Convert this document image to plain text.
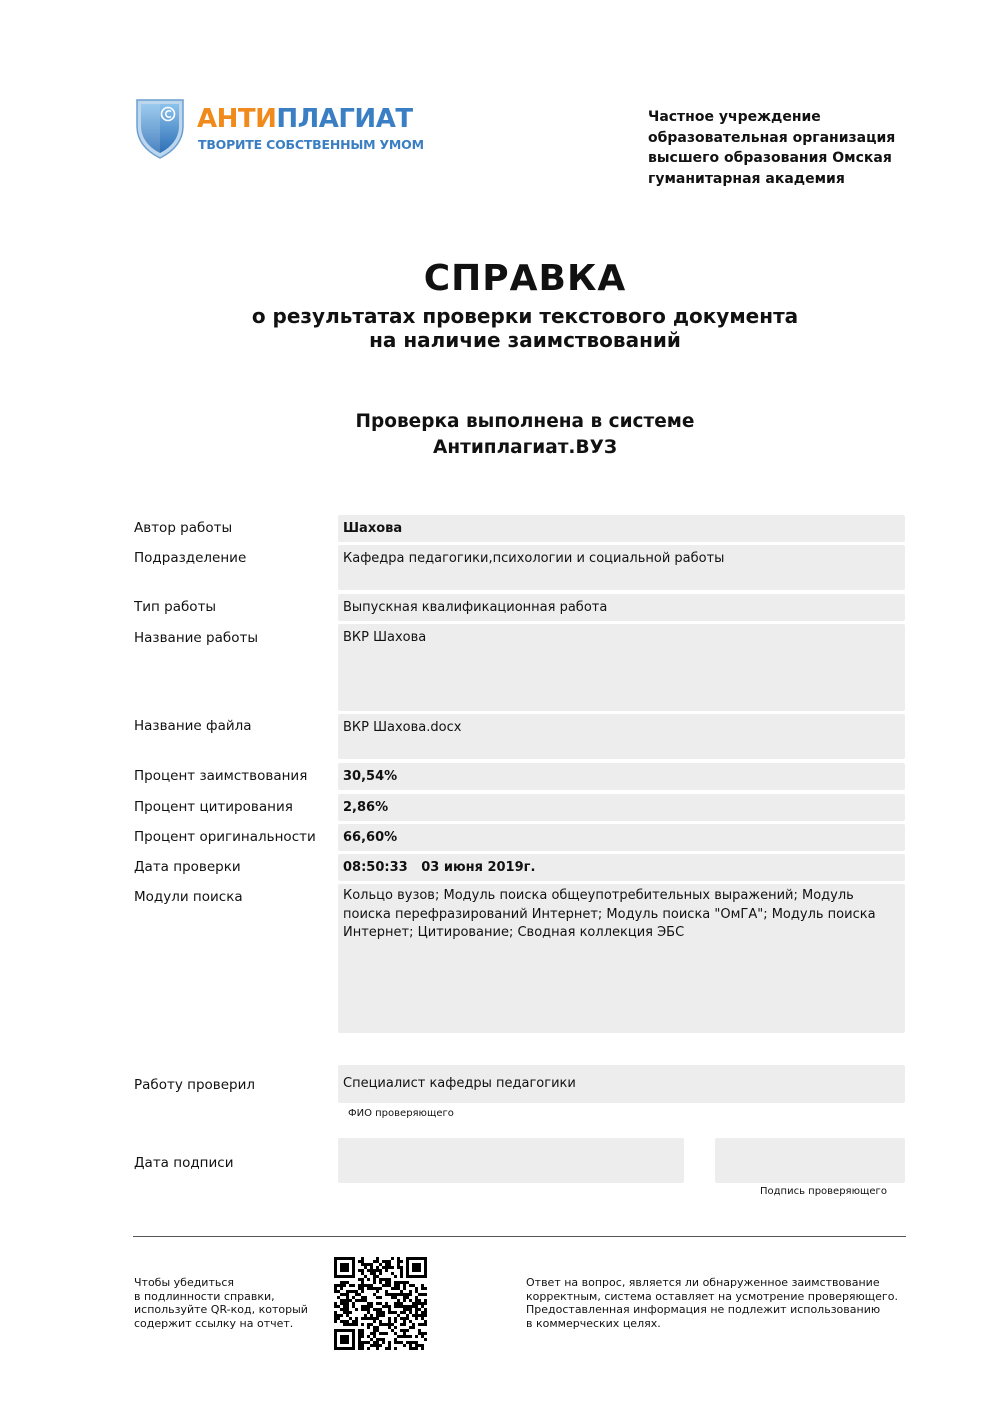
АНТИПЛАГИАТ
ТВОРИТЕ СОБСТВЕННЫМ УМОМ
Частное учреждение
образовательная организация
высшего образования Омская
гуманитарная академия
СПРАВКА
о результатах проверки текстового документа
на наличие заимствований
Проверка выполнена в системе
Антиплагиат.ВУЗ
Автор работы	Шахова
Подразделение	Кафедра педагогики,психологии и социальной работы
Тип работы	Выпускная квалификационная работа
Название работы	ВКР Шахова
Название файла	ВКР Шахова.docx
Процент заимствования	30,54%
Процент цитирования	2,86%
Процент оригинальности	66,60%
Дата проверки	08:50:33   03 июня 2019г.
Модули поиска	Кольцо вузов; Модуль поиска общеупотребительных выражений; Модуль поиска перефразирований Интернет; Модуль поиска "ОмГА"; Модуль поиска Интернет; Цитирование; Сводная коллекция ЭБС
Работу проверил	Специалист кафедры педагогики
ФИО проверяющего
Дата подписи
Подпись проверяющего
Чтобы убедиться
в подлинности справки,
используйте QR-код, который
содержит ссылку на отчет.
Ответ на вопрос, является ли обнаруженное заимствование
корректным, система оставляет на усмотрение проверяющего.
Предоставленная информация не подлежит использованию
в коммерческих целях.
